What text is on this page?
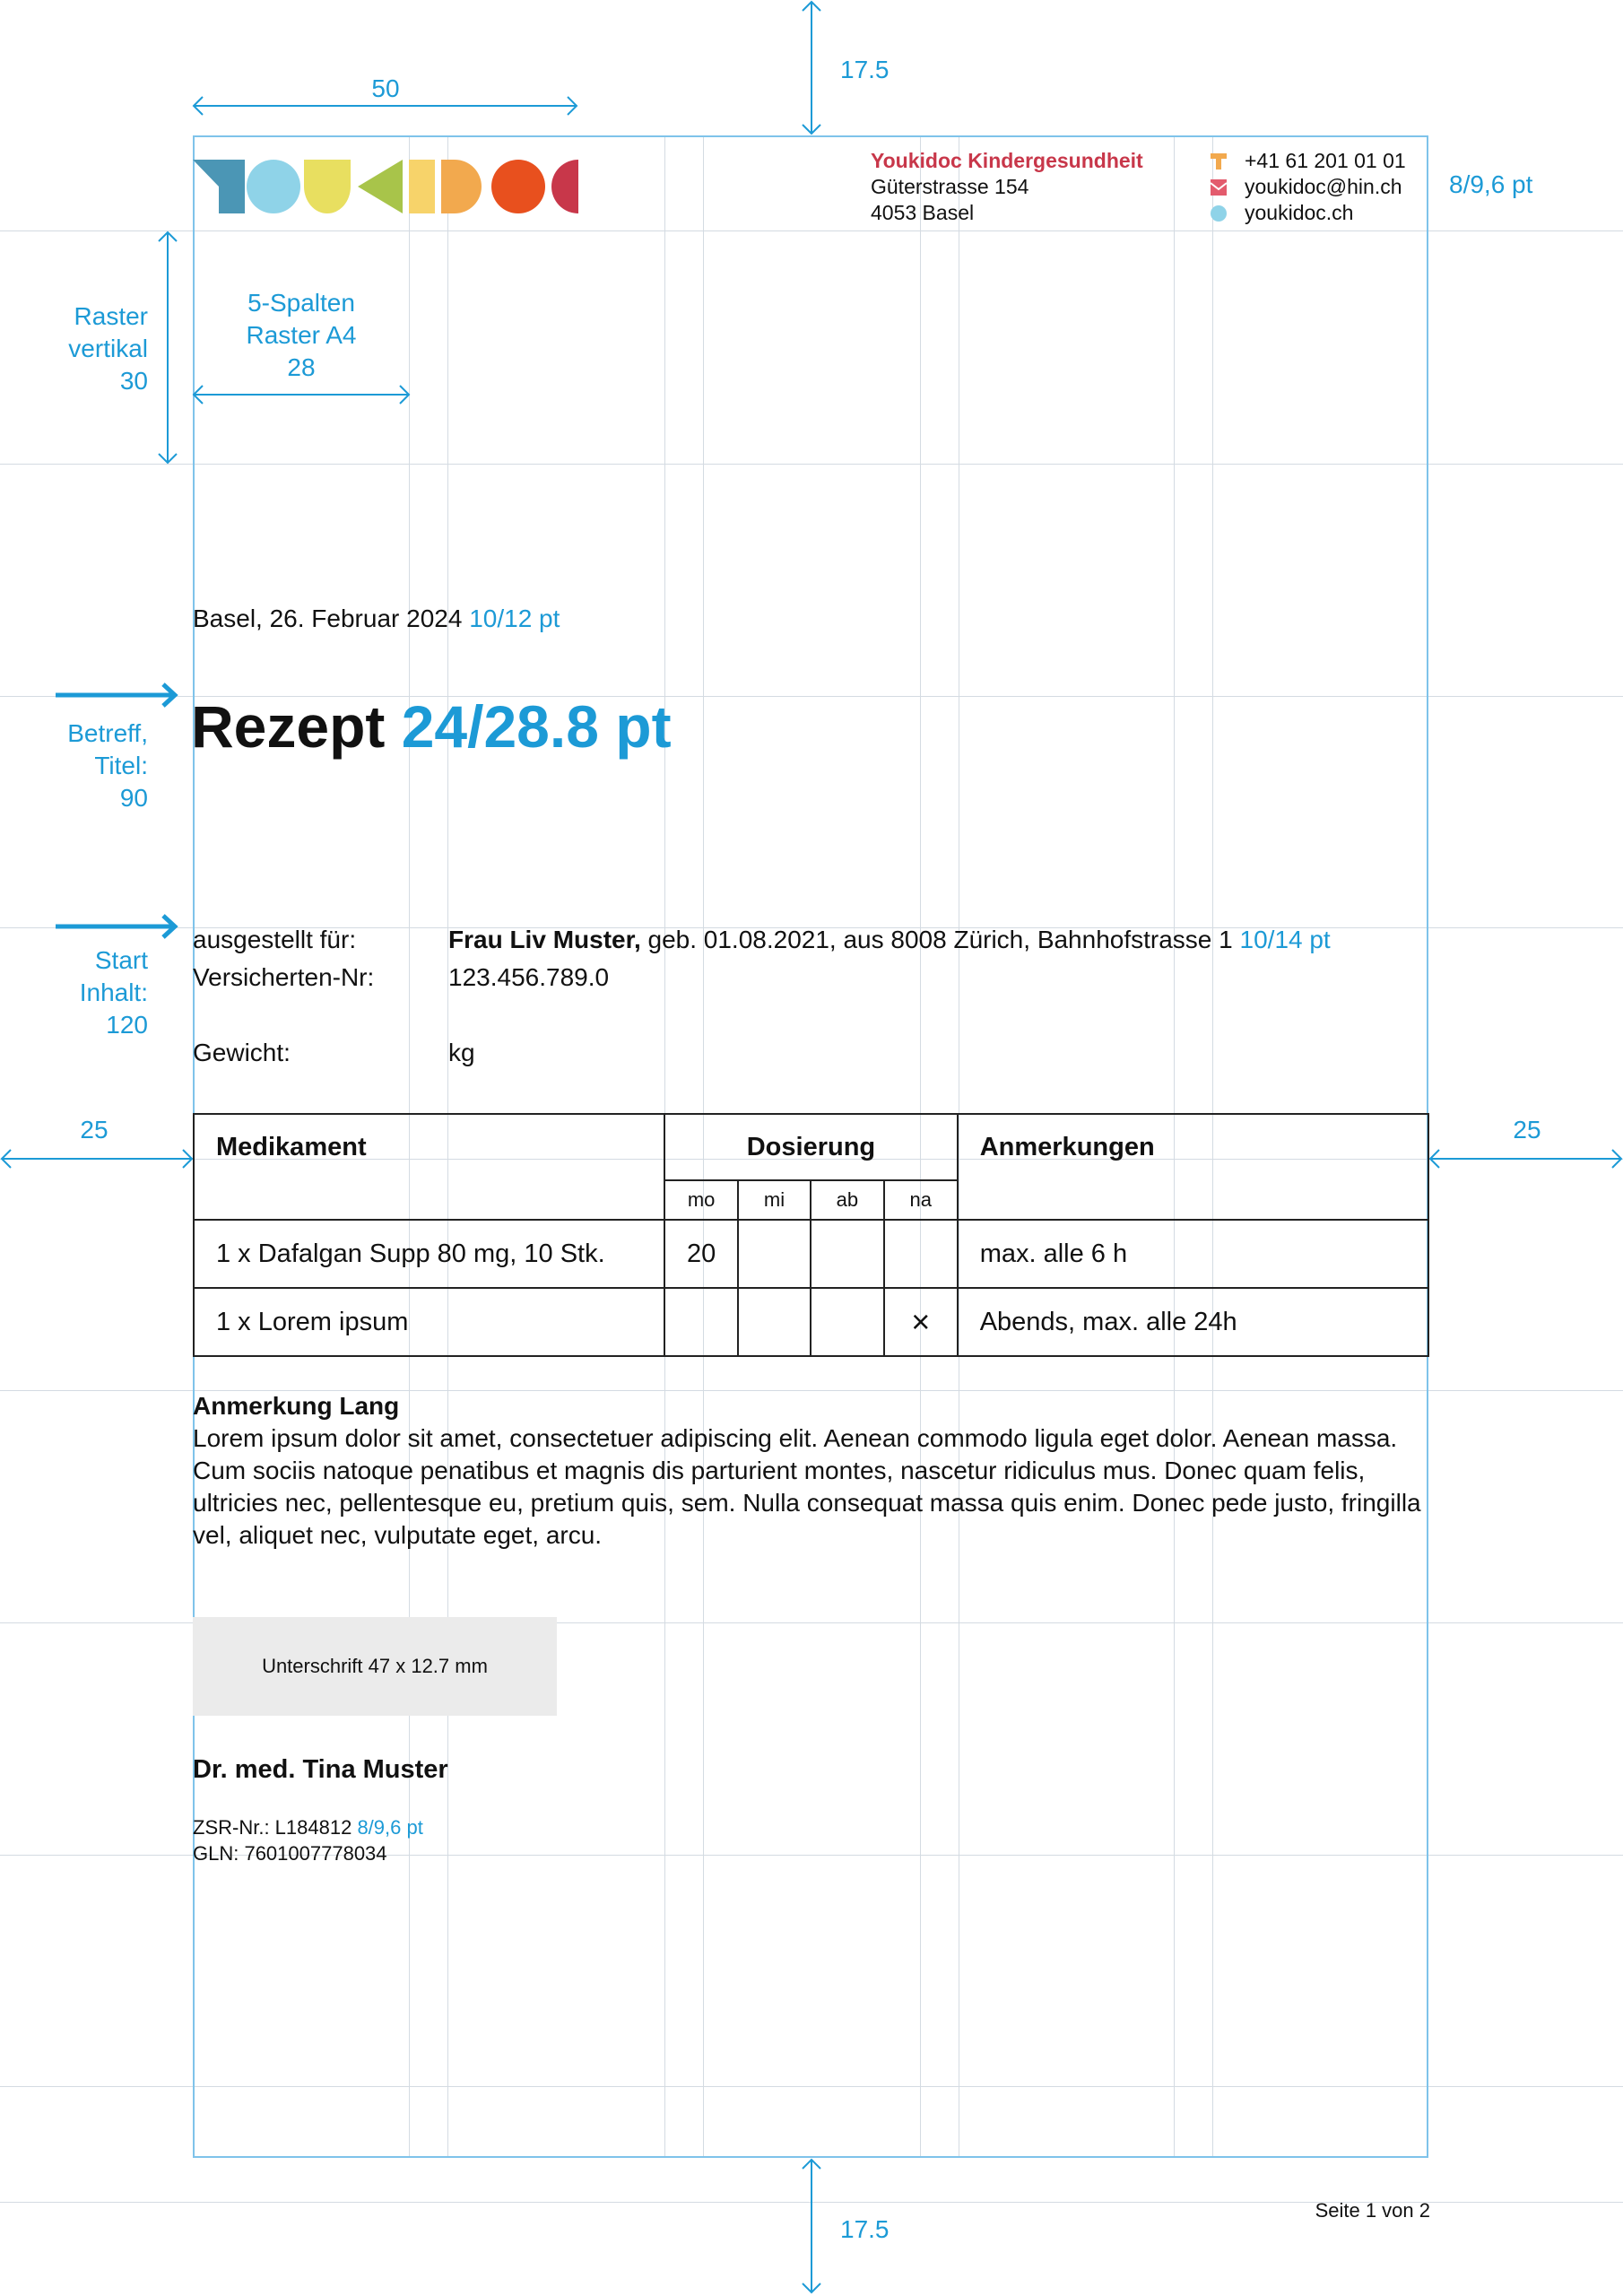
17.5
17.5
50
8/9,6 pt
Raster
vertikal
30
5-Spalten
Raster A4
28
Betreff,
Titel:
90
Start
Inhalt:
120
25	25
Youkidoc Kindergesundheit
Güterstrasse 154
4053 Basel
+41 61 201 01 01
youkidoc@hin.ch
youkidoc.ch
Basel, 26. Februar 2024 10/12 pt
Rezept 24/28.8 pt
ausgestellt für:	Frau Liv Muster, geb. 01.08.2021, aus 8008 Zürich, Bahnhofstrasse 1 10/14 pt
Versicherten-Nr:	123.456.789.0
Gewicht:	kg
Medikament	Dosierung				Anmerkungen
	mo	mi	ab	na	
1 x Dafalgan Supp 80 mg, 10 Stk.	20				max. alle 6 h
1 x Lorem ipsum				×	Abends, max. alle 24h
Anmerkung Lang
Lorem ipsum dolor sit amet, consectetuer adipiscing elit. Aenean commodo ligula eget dolor. Aenean massa. Cum sociis natoque penatibus et magnis dis parturient montes, nascetur ridiculus mus. Donec quam felis, ultricies nec, pellentesque eu, pretium quis, sem. Nulla consequat massa quis enim. Donec pede justo, fringilla vel, aliquet nec, vulputate eget, arcu.
Unterschrift 47 x 12.7 mm
Dr. med. Tina Muster
ZSR-Nr.: L184812 8/9,6 pt
GLN: 7601007778034
Seite 1 von 2
